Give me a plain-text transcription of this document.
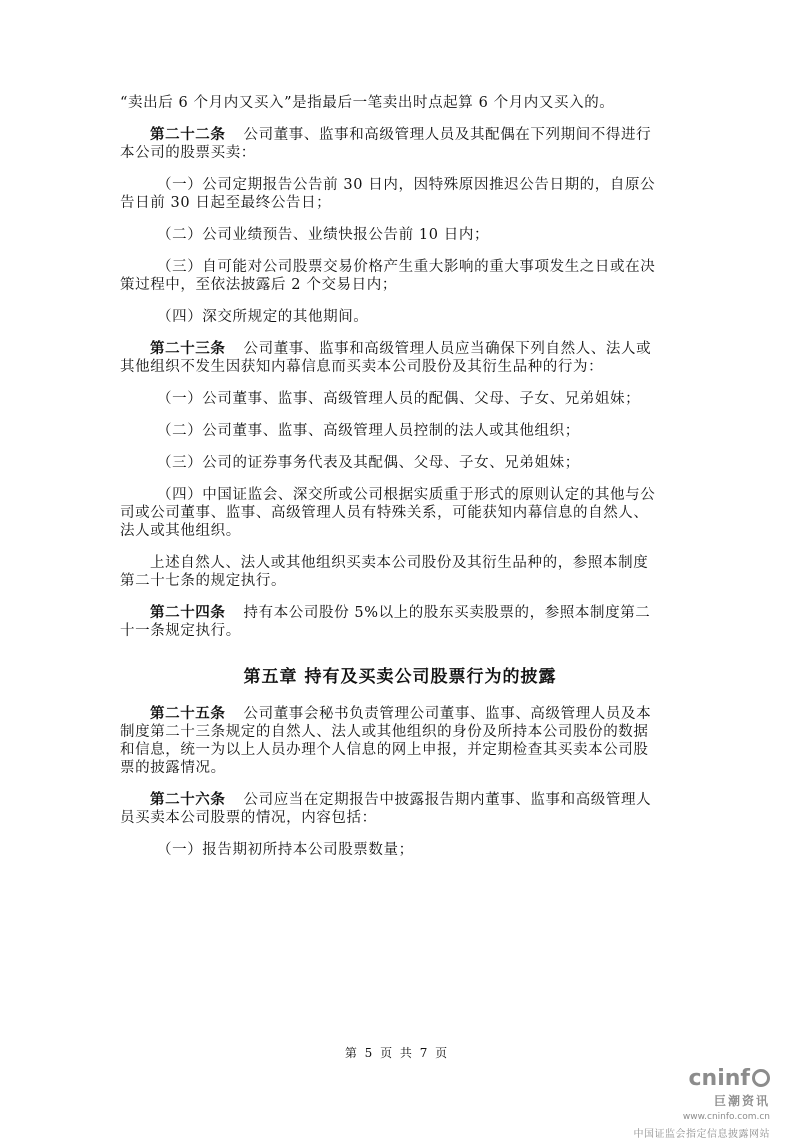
“卖出后 6 个月内又买入”是指最后一笔卖出时点起算 6 个月内又买入的。

第二十二条 公司董事、监事和高级管理人员及其配偶在下列期间不得进行
本公司的股票买卖：

（一）公司定期报告公告前 30 日内，因特殊原因推迟公告日期的，自原公
告日前 30 日起至最终公告日；

（二）公司业绩预告、业绩快报公告前 10 日内；

（三）自可能对公司股票交易价格产生重大影响的重大事项发生之日或在决
策过程中，至依法披露后 2 个交易日内；

（四）深交所规定的其他期间。

第二十三条 公司董事、监事和高级管理人员应当确保下列自然人、法人或
其他组织不发生因获知内幕信息而买卖本公司股份及其衍生品种的行为：

（一）公司董事、监事、高级管理人员的配偶、父母、子女、兄弟姐妹；

（二）公司董事、监事、高级管理人员控制的法人或其他组织；

（三）公司的证券事务代表及其配偶、父母、子女、兄弟姐妹；

（四）中国证监会、深交所或公司根据实质重于形式的原则认定的其他与公
司或公司董事、监事、高级管理人员有特殊关系，可能获知内幕信息的自然人、
法人或其他组织。

上述自然人、法人或其他组织买卖本公司股份及其衍生品种的，参照本制度
第二十七条的规定执行。

第二十四条 持有本公司股份 5%以上的股东买卖股票的，参照本制度第二
十一条规定执行。

第五章 持有及买卖公司股票行为的披露

第二十五条 公司董事会秘书负责管理公司董事、监事、高级管理人员及本
制度第二十三条规定的自然人、法人或其他组织的身份及所持本公司股份的数据
和信息，统一为以上人员办理个人信息的网上申报，并定期检查其买卖本公司股
票的披露情况。

第二十六条 公司应当在定期报告中披露报告期内董事、监事和高级管理人
员买卖本公司股票的情况，内容包括：

（一）报告期初所持本公司股票数量；

第 5 页 共 7 页
cninf
巨潮资讯
www.cninfo.com.cn
中国证监会指定信息披露网站
